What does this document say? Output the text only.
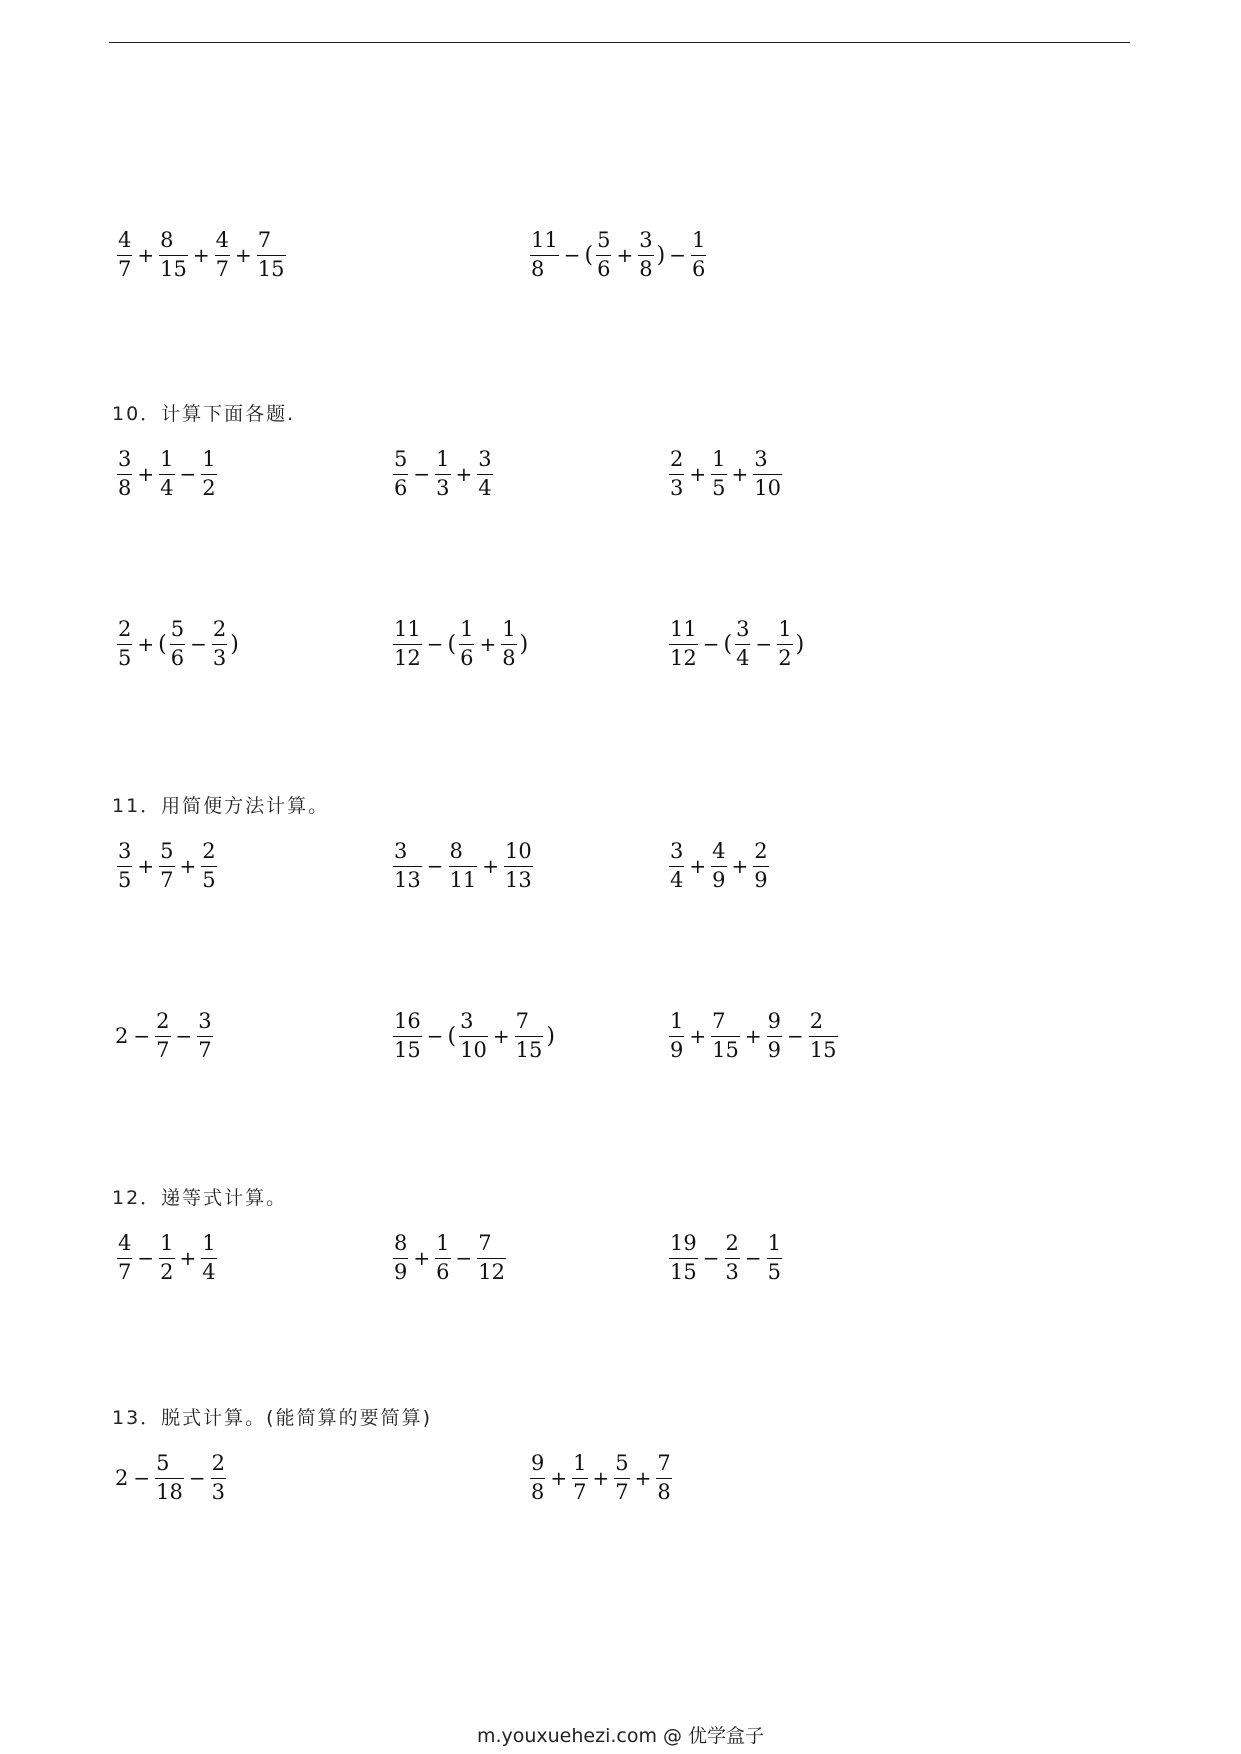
$\frac{4}{7} + \frac{8}{15} + \frac{4}{7} + \frac{7}{15}$	$\frac{11}{8}$ − ( $\frac{5}{6} + \frac{3}{8}$ ) − $\frac{1}{6}$
10．计算下面各题.
$\frac{3}{8} + \frac{1}{4} - \frac{1}{2}$	$\frac{5}{6} - \frac{1}{3} + \frac{3}{4}$	$\frac{2}{3} + \frac{1}{5} + \frac{3}{10}$
$\frac{2}{5}$ + ( $\frac{5}{6} - \frac{2}{3}$ )	$\frac{11}{12}$ − ( $\frac{1}{6} + \frac{1}{8}$ )	$\frac{11}{12}$ − ( $\frac{3}{4} - \frac{1}{2}$ )
11．用简便方法计算。
$\frac{3}{5} + \frac{5}{7} + \frac{2}{5}$	$\frac{3}{13} - \frac{8}{11} + \frac{10}{13}$	$\frac{3}{4} + \frac{4}{9} + \frac{2}{9}$
$2 - \frac{2}{7} - \frac{3}{7}$	$\frac{16}{15}$ − ( $\frac{3}{10} + \frac{7}{15}$ )	$\frac{1}{9} + \frac{7}{15} + \frac{9}{9} - \frac{2}{15}$
12．递等式计算。
$\frac{4}{7} - \frac{1}{2} + \frac{1}{4}$	$\frac{8}{9} + \frac{1}{6} - \frac{7}{12}$	$\frac{19}{15} - \frac{2}{3} - \frac{1}{5}$
13．脱式计算。(能简算的要简算)
$2 - \frac{5}{18} - \frac{2}{3}$	$\frac{9}{8} + \frac{1}{7} + \frac{5}{7} + \frac{7}{8}$
m.youxuehezi.com @ 优学盒子
